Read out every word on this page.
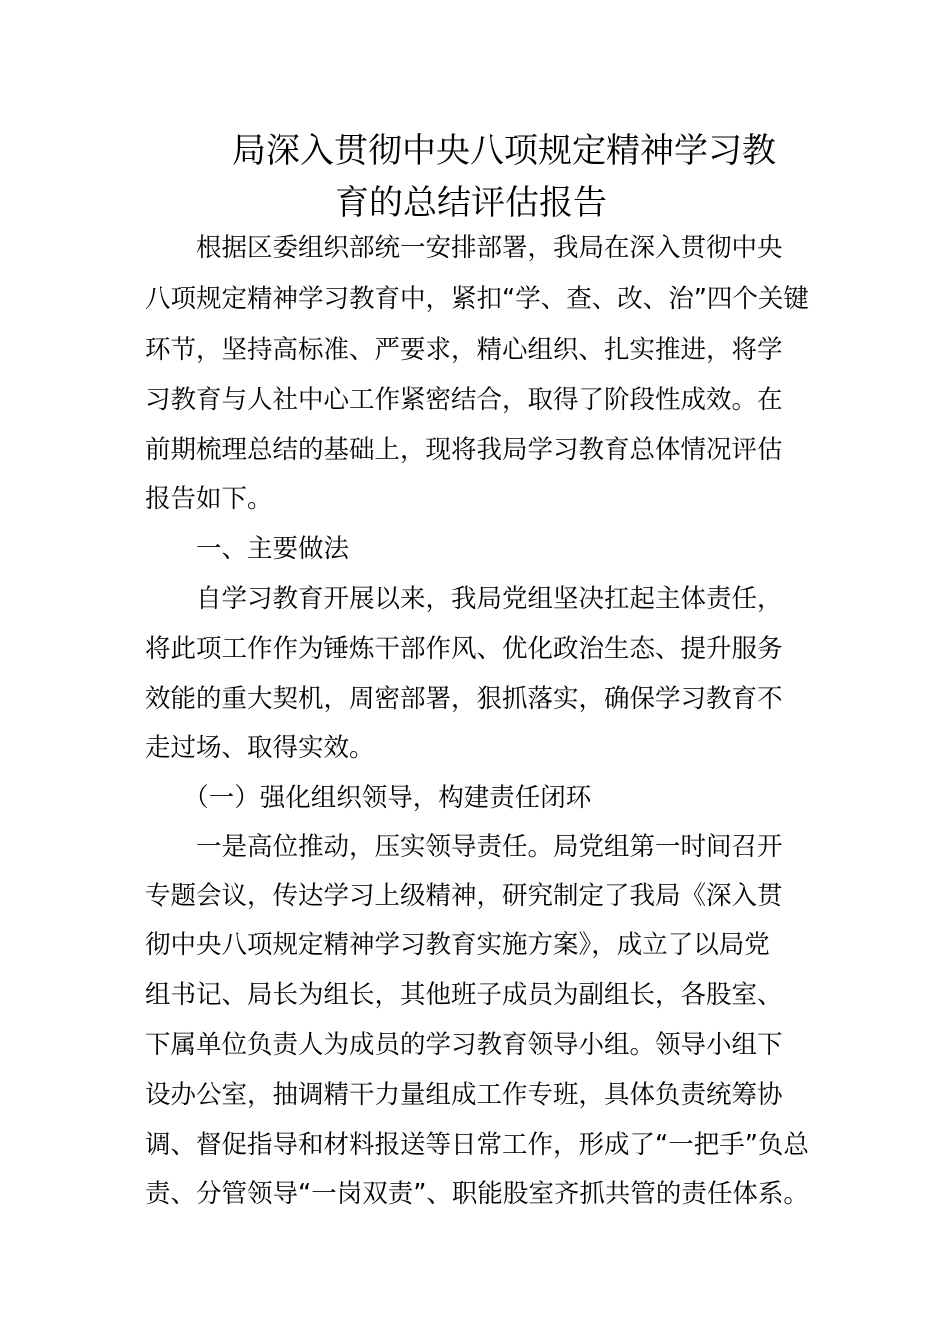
局深入贯彻中央八项规定精神学习教
育的总结评估报告
　　根据区委组织部统一安排部署，我局在深入贯彻中央
八项规定精神学习教育中，紧扣“学、查、改、治”四个关键
环节，坚持高标准、严要求，精心组织、扎实推进，将学
习教育与人社中心工作紧密结合，取得了阶段性成效。在
前期梳理总结的基础上，现将我局学习教育总体情况评估
报告如下。
　　一、主要做法
　　自学习教育开展以来，我局党组坚决扛起主体责任，
将此项工作作为锤炼干部作风、优化政治生态、提升服务
效能的重大契机，周密部署，狠抓落实，确保学习教育不
走过场、取得实效。
　　（一）强化组织领导，构建责任闭环
　　一是高位推动，压实领导责任。局党组第一时间召开
专题会议，传达学习上级精神，研究制定了我局《深入贯
彻中央八项规定精神学习教育实施方案》，成立了以局党
组书记、局长为组长，其他班子成员为副组长，各股室、
下属单位负责人为成员的学习教育领导小组。领导小组下
设办公室，抽调精干力量组成工作专班，具体负责统筹协
调、督促指导和材料报送等日常工作，形成了“一把手”负总
责、分管领导“一岗双责”、职能股室齐抓共管的责任体系。
